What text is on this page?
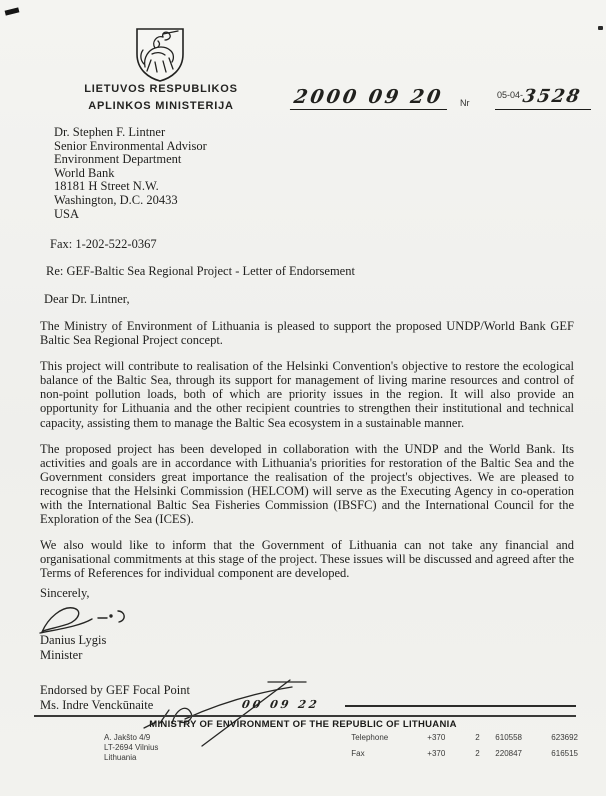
LIETUVOS RESPUBLIKOS
APLINKOS MINISTERIJA	2000 09 20 Nr
$^{05-04-}$3528
Dr. Stephen F. Lintner
Senior Environmental Advisor
Environment Department
World Bank
18181 H Street N.W.
Washington, D.C. 20433
USA
Fax: 1-202-522-0367
Re: GEF-Baltic Sea Regional Project - Letter of Endorsement
Dear Dr. Lintner,
The Ministry of Environment of Lithuania is pleased to support the proposed UNDP/World Bank GEF Baltic Sea Regional Project concept.
This project will contribute to realisation of the Helsinki Convention's objective to restore the ecological balance of the Baltic Sea, through its support for management of living marine resources and control of non-point pollution loads, both of which are priority issues in the region. It will also provide an opportunity for Lithuania and the other recipient countries to strengthen their institutional and technical capacity, assisting them to manage the Baltic Sea ecosystem in a sustainable manner.
The proposed project has been developed in collaboration with the UNDP and the World Bank. Its activities and goals are in accordance with Lithuania's priorities for restoration of the Baltic Sea and the Government considers great importance the realisation of the project's objectives. We are pleased to recognise that the Helsinki Commission (HELCOM) will serve as the Executing Agency in co-operation with the International Baltic Sea Fisheries Commission (IBSFC) and the International Council for the Exploration of the Sea (ICES).
We also would like to inform that the Government of Lithuania can not take any financial and organisational commitments at this stage of the project. These issues will be discussed and agreed after the Terms of References for individual component are developed.
Sincerely,
Danius Lygis
Minister
Endorsed by GEF Focal Point
Ms. Indre Venckūnaite	00 09 22
MINISTRY OF ENVIRONMENT OF THE REPUBLIC OF LITHUANIA
A. Jakšto 4/9
LT-2694 Vilnius
Lithuania
Telephone	+370	2	610558	623692
Fax	+370	2	220847	616515
